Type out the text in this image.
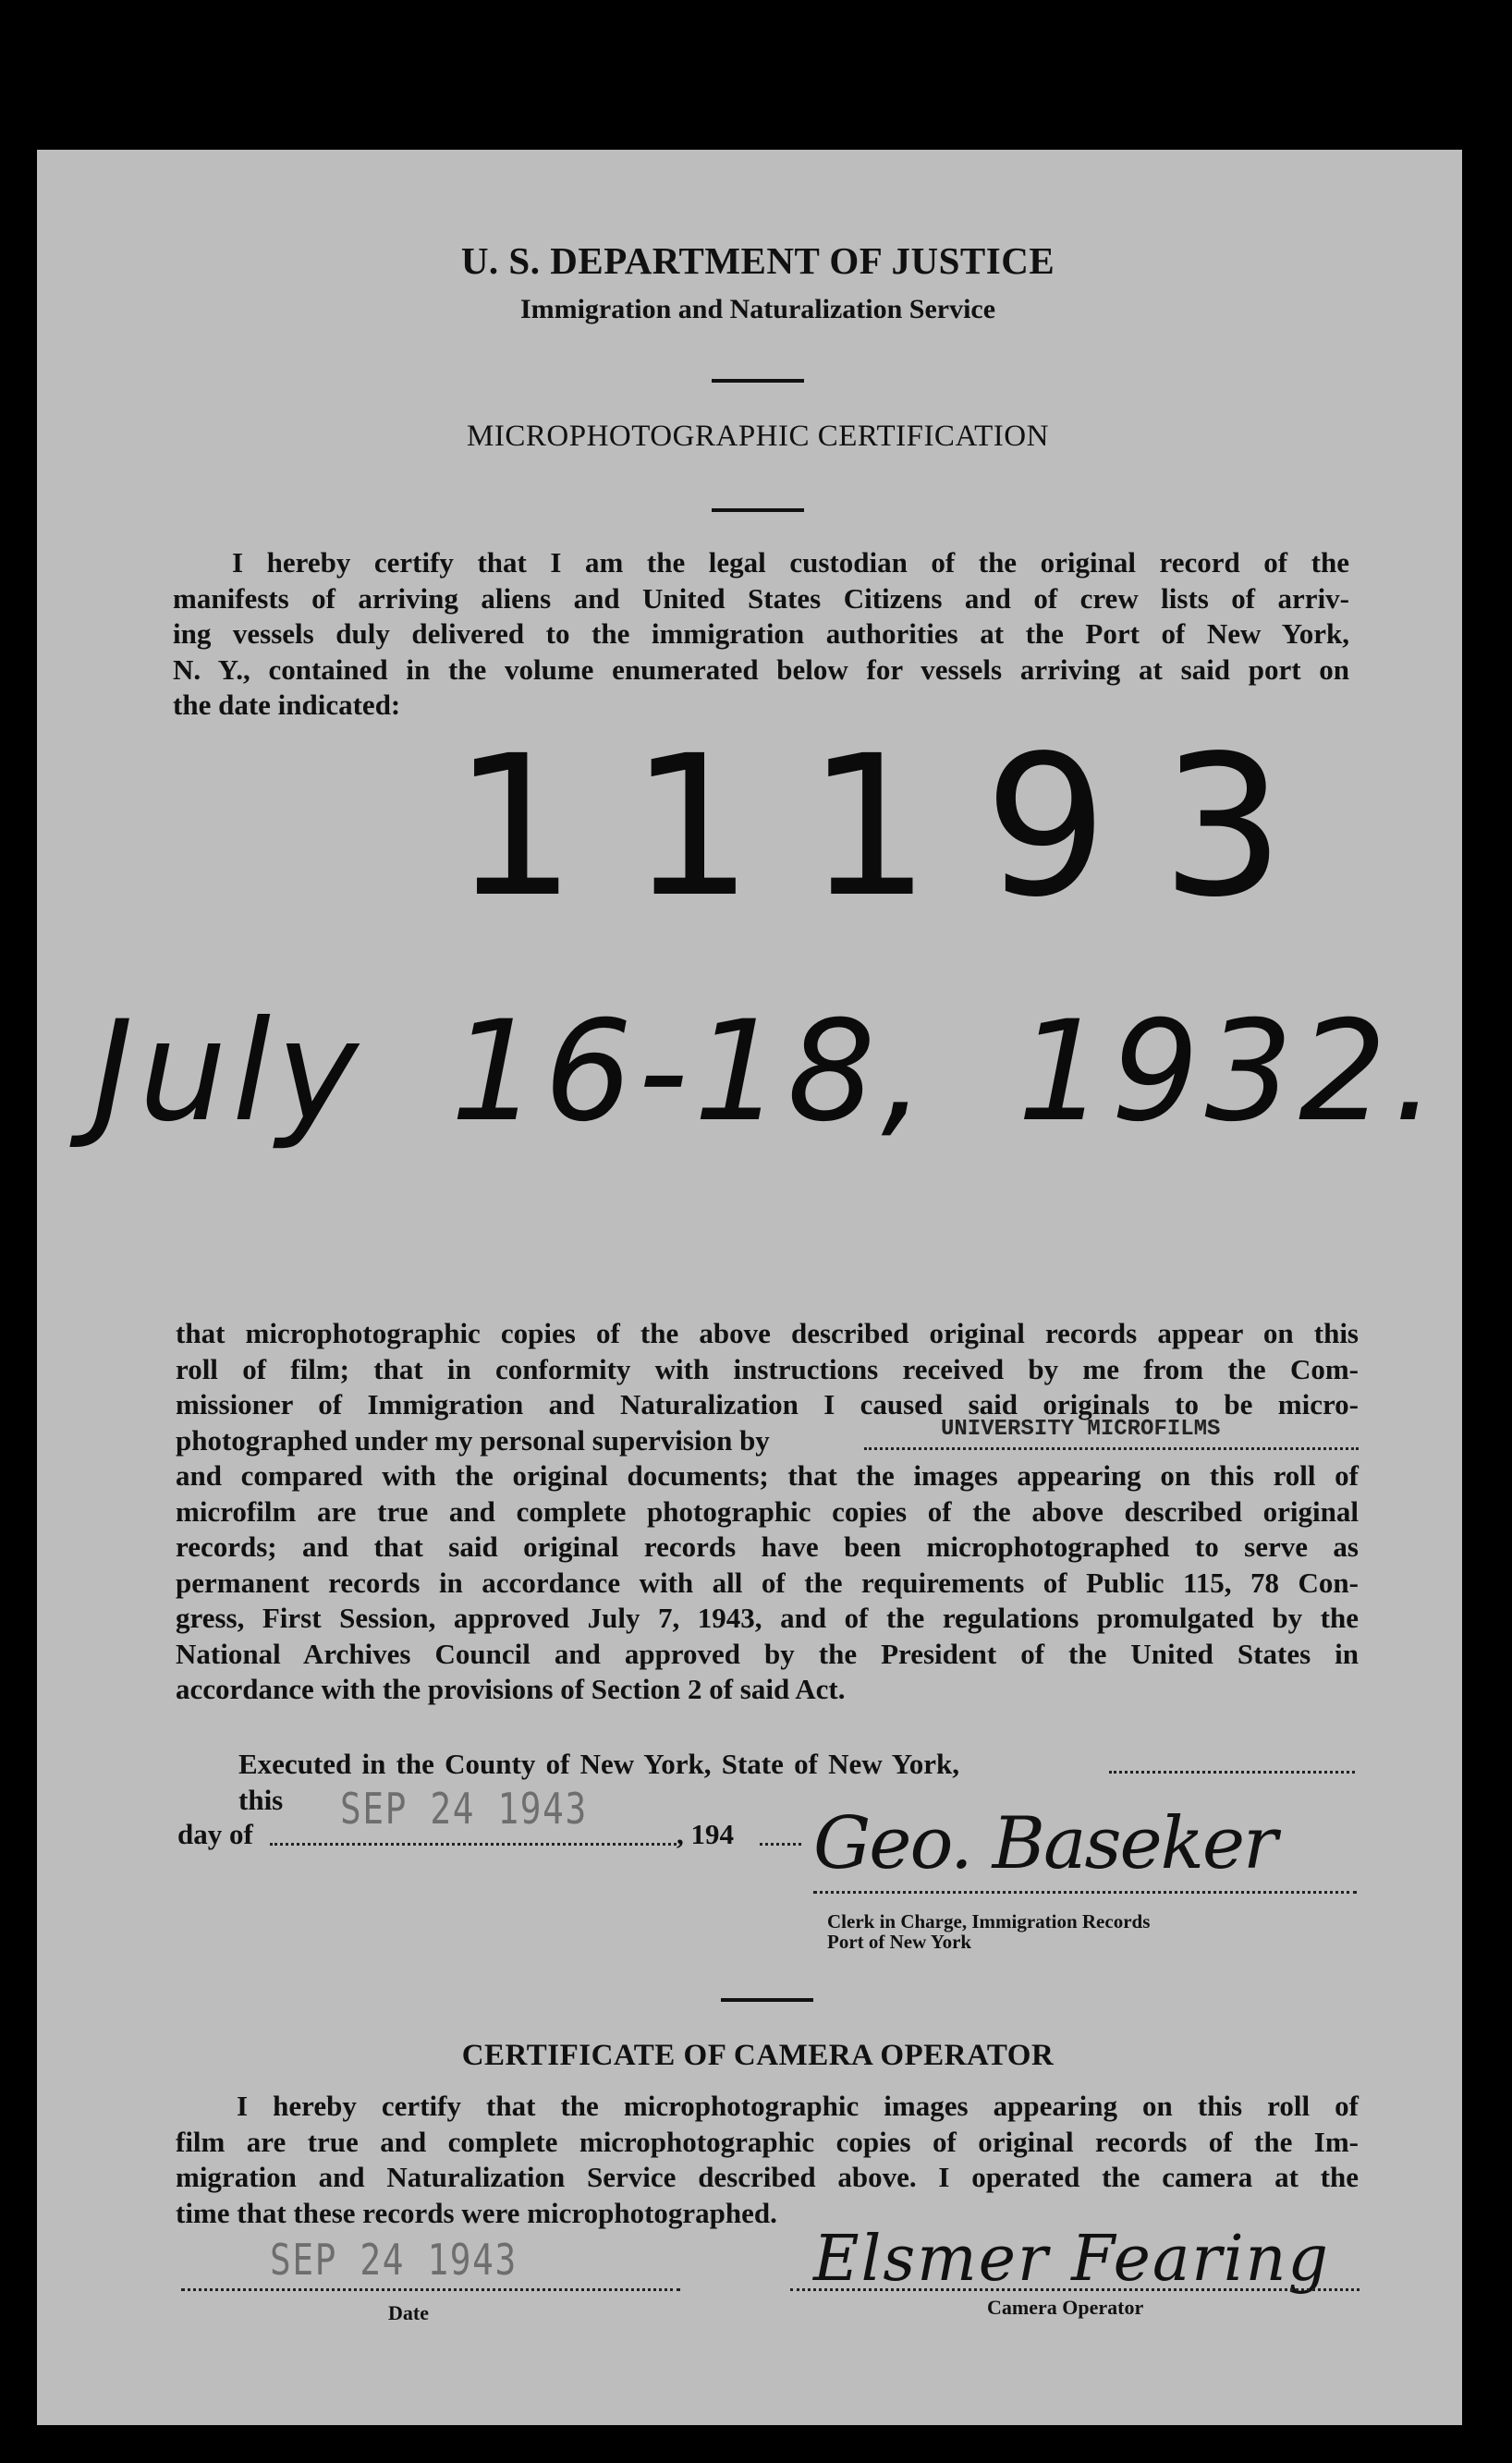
U. S. DEPARTMENT OF JUSTICE
Immigration and Naturalization Service
MICROPHOTOGRAPHIC CERTIFICATION
I hereby certify that I am the legal custodian of the original record of the
manifests of arriving aliens and United States Citizens and of crew lists of arriv-
ing vessels duly delivered to the immigration authorities at the Port of New York,
N. Y., contained in the volume enumerated below for vessels arriving at said port on
the date indicated:
11193
July 16-18, 1932.
that microphotographic copies of the above described original records appear on this
roll of film; that in conformity with instructions received by me from the Com-
missioner of Immigration and Naturalization I caused said originals to be micro-
photographed under my personal supervision by	UNIVERSITY MICROFILMS
and compared with the original documents; that the images appearing on this roll of
microfilm are true and complete photographic copies of the above described original
records; and that said original records have been microphotographed to serve as
permanent records in accordance with all of the requirements of Public 115, 78 Con-
gress, First Session, approved July 7, 1943, and of the regulations promulgated by the
National Archives Council and approved by the President of the United States in
accordance with the provisions of Section 2 of said Act.
Executed in the County of New York, State of New York, this
day of
SEP 24 1943
, 194	Geo. Baseker
Clerk in Charge, Immigration Records
Port of New York
CERTIFICATE OF CAMERA OPERATOR
I hereby certify that the microphotographic images appearing on this roll of
film are true and complete microphotographic copies of original records of the Im-
migration and Naturalization Service described above. I operated the camera at the
time that these records were microphotographed.
SEP 24 1943
Date
Elsmer Fearing
Camera Operator
